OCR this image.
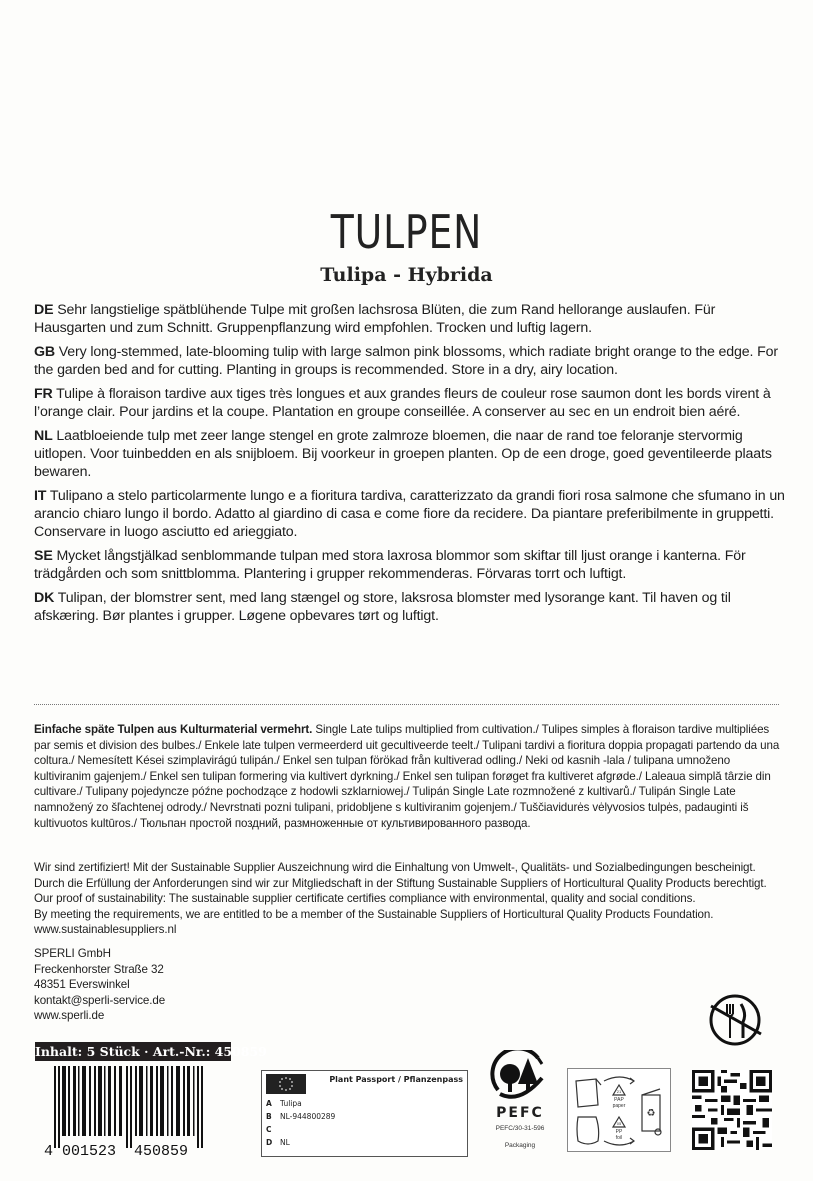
TULPEN
Tulipa - Hybrida

DE Sehr langstielige spätblühende Tulpe mit großen lachsrosa Blüten, die zum Rand hellorange auslaufen. Für Hausgarten und zum Schnitt. Gruppenpflanzung wird empfohlen. Trocken und luftig lagern.

GB Very long-stemmed, late-blooming tulip with large salmon pink blossoms, which radiate bright orange to the edge. For the garden bed and for cutting. Planting in groups is recommended. Store in a dry, airy location.

FR Tulipe à floraison tardive aux tiges très longues et aux grandes fleurs de couleur rose saumon dont les bords virent à l’orange clair. Pour jardins et la coupe. Plantation en groupe conseillée. A conserver au sec en un endroit bien aéré.

NL Laatbloeiende tulp met zeer lange stengel en grote zalmroze bloemen, die naar de rand toe feloranje stervormig uitlopen. Voor tuinbedden en als snijbloem. Bij voorkeur in groepen planten. Op de een droge, goed geventileerde plaats bewaren.

IT Tulipano a stelo particolarmente lungo e a fioritura tardiva, caratterizzato da grandi fiori rosa salmone che sfumano in un arancio chiaro lungo il bordo. Adatto al giardino di casa e come fiore da recidere. Da piantare preferibilmente in gruppetti. Conservare in luogo asciutto ed arieggiato.

SE Mycket långstjälkad senblommande tulpan med stora laxrosa blommor som skiftar till ljust orange i kanterna. För trädgården och som snittblomma. Plantering i grupper rekommenderas. Förvaras torrt och luftigt.

DK Tulipan, der blomstrer sent, med lang stængel og store, laksrosa blomster med lysorange kant. Til haven og til afskæring. Bør plantes i grupper. Løgene opbevares tørt og luftigt.

Einfache späte Tulpen aus Kulturmaterial vermehrt. Single Late tulips multiplied from cultivation./ Tulipes simples à floraison tardive multipliées par semis et division des bulbes./ Enkele late tulpen vermeerderd uit gecultiveerde teelt./ Tulipani tardivi a fioritura doppia propagati partendo da una coltura./ Nemesített Kései szimplavirágú tulipán./ Enkel sen tulpan förökad från kultiverad odling./ Neki od kasnih -lala / tulipana umnoženo kultiviranim gajenjem./ Enkel sen tulipan formering via kultivert dyrkning./ Enkel sen tulipan forøget fra kultiveret afgrøde./ Laleaua simplă târzie din cultivare./ Tulipany pojedyncze późne pochodzące z hodowli szklarniowej./ Tulipán Single Late rozmnožené z kultivarů./ Tulipán Single Late namnožený zo šľachtenej odrody./ Nevrstnati pozni tulipani, pridobljene s kultiviranim gojenjem./ Tuščiavidurės vėlyvosios tulpės, padauginti iš kultivuotos kultūros./ Тюльпан простой поздний, размноженные от культивированного развода.
Wir sind zertifiziert! Mit der Sustainable Supplier Auszeichnung wird die Einhaltung von Umwelt-, Qualitäts- und Sozialbedingungen bescheinigt.
Durch die Erfüllung der Anforderungen sind wir zur Mitgliedschaft in der Stiftung Sustainable Suppliers of Horticultural Quality Products berechtigt.
Our proof of sustainability: The sustainable supplier certificate certifies compliance with environmental, quality and social conditions.
By meeting the requirements, we are entitled to be a member of the Sustainable Suppliers of Horticultural Quality Products Foundation.
www.sustainablesuppliers.nl
SPERLI GmbH
Freckenhorster Straße 32
48351 Everswinkel
kontakt@sperli-service.de
www.sperli.de
Inhalt: 5 Stück · Art.-Nr.: 450859
4 001523 450859
Plant Passport / Pflanzenpass
A Tulipa
B NL-944800289
C
D NL
PEFC
PEFC/30-31-596
Packaging
PAP
paper
21
05
PP
foil
♻
